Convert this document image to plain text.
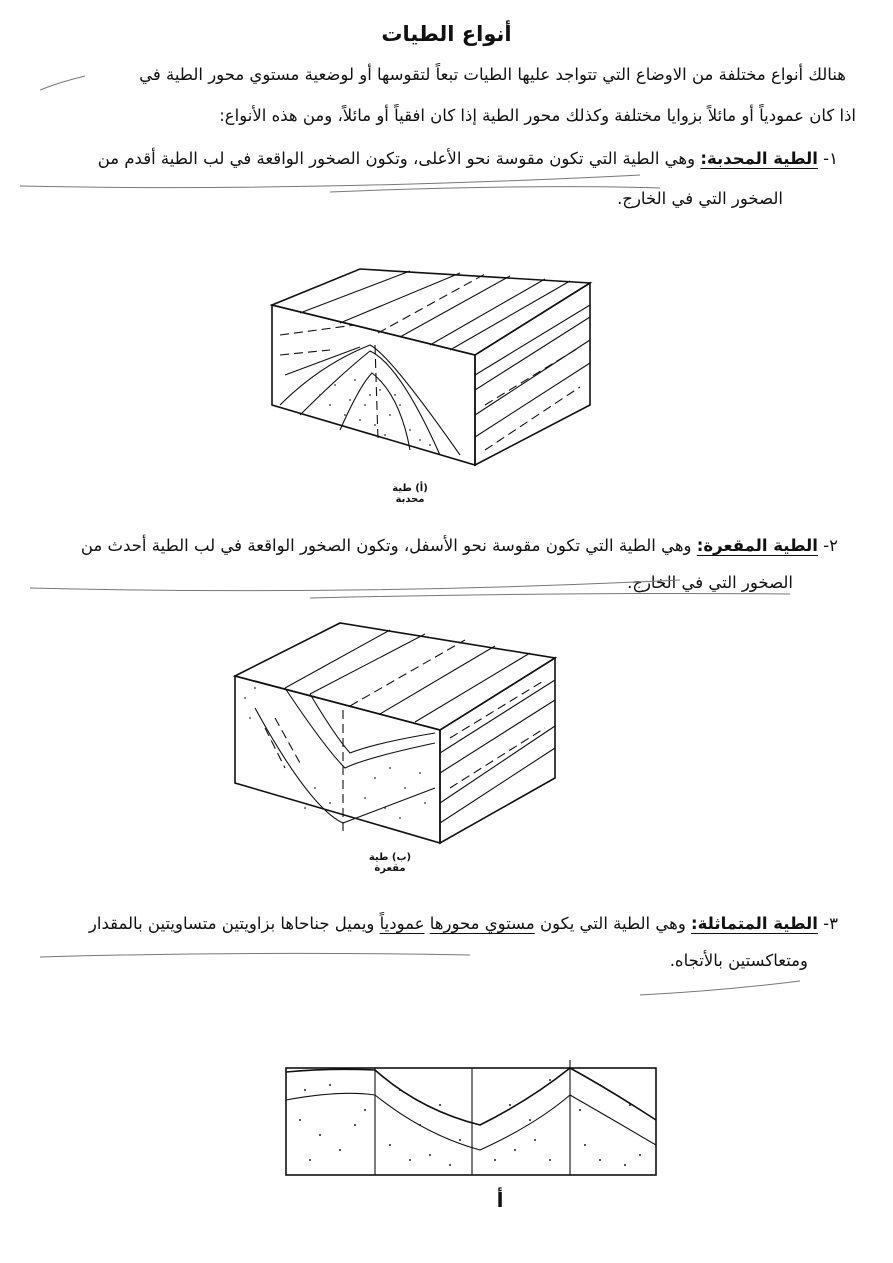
أنواع الطيات
هنالك أنواع مختلفة من الاوضاع التي تتواجد عليها الطيات تبعاً لتقوسها أو لوضعية مستوي محور الطية في
اذا كان عمودياً أو مائلاً بزوايا مختلفة وكذلك محور الطية إذا كان افقياً أو مائلاً، ومن هذه الأنواع:
١- الطية المحدبة: وهي الطية التي تكون مقوسة نحو الأعلى، وتكون الصخور الواقعة في لب الطية أقدم من
الصخور التي في الخارج.
(أ) طية محدبة
٢- الطية المقعرة: وهي الطية التي تكون مقوسة نحو الأسفل، وتكون الصخور الواقعة في لب الطية أحدث من
الصخور التي في الخارج.
(ب) طية مقعرة
٣- الطية المتماثلة: وهي الطية التي يكون مستوي محورها عمودياً ويميل جناحاها بزاويتين متساويتين بالمقدار
ومتعاكستين بالأتجاه.
أ
